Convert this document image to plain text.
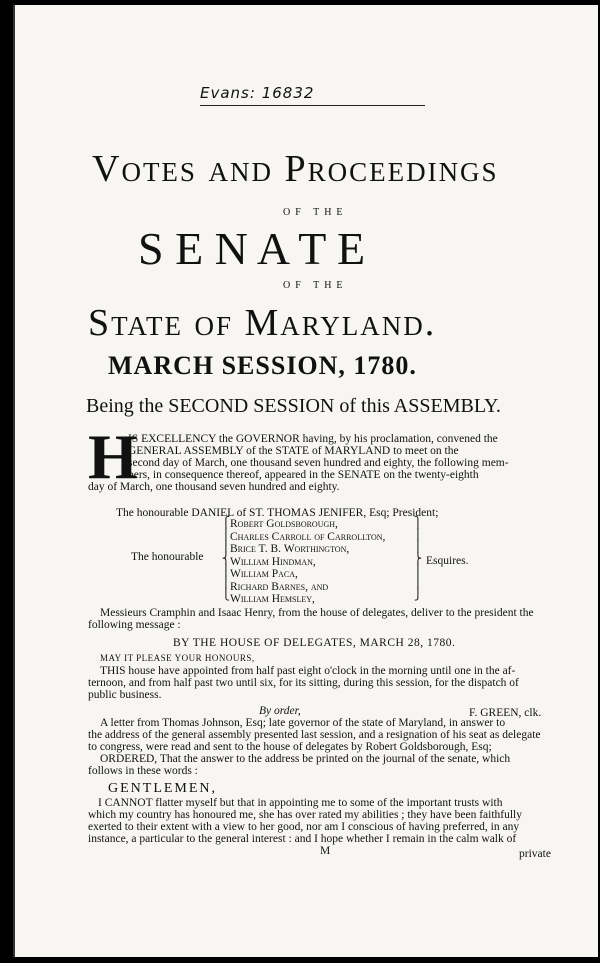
Evans: 16832
Votes and Proceedings
OF THE
S E N A T E
OF THE
State of Maryland.
MARCH SESSION, 1780.
Being the SECOND SESSION of this ASSEMBLY.
H
IS EXCELLENCY the GOVERNOR having, by his proclamation, convened the
GENERAL ASSEMBLY of the STATE of MARYLAND to meet on the
second day of March, one thousand seven hundred and eighty, the following mem-
bers, in consequence thereof, appeared in the SENATE on the twenty-eighth
day of March, one thousand seven hundred and eighty.
The honourable DANIEL of ST. THOMAS JENIFER, Esq; President;
The honourable
⎧
⎪
⎪
⎨
⎪
⎪
⎩
Robert Goldsborough,
Charles Carroll of Carrollton,
Brice T. B. Worthington,
William Hindman,
William Paca,
Richard Barnes, and
William Hemsley,
⎫
⎪
⎪
⎬
⎪
⎪
⎭
Esquires.
Messieurs Cramphin and Isaac Henry, from the house of delegates, deliver to the president the
following message :
BY THE HOUSE OF DELEGATES, MARCH 28, 1780.
MAY IT PLEASE YOUR HONOURS,
THIS house have appointed from half past eight o'clock in the morning until one in the af-
ternoon, and from half past two until six, for its sitting, during this session, for the dispatch of
public business.
By order,	F. GREEN, clk.
A letter from Thomas Johnson, Esq; late governor of the state of Maryland, in answer to
the address of the general assembly presented last session, and a resignation of his seat as delegate
to congress, were read and sent to the house of delegates by Robert Goldsborough, Esq;
ORDERED, That the answer to the address be printed on the journal of the senate, which
follows in these words :
GENTLEMEN,
I CANNOT flatter myself but that in appointing me to some of the important trusts with
which my country has honoured me, she has over rated my abilities ; they have been faithfully
exerted to their extent with a view to her good, nor am I conscious of having preferred, in any
instance, a particular to the general interest : and I hope whether I remain in the calm walk of
M	private
